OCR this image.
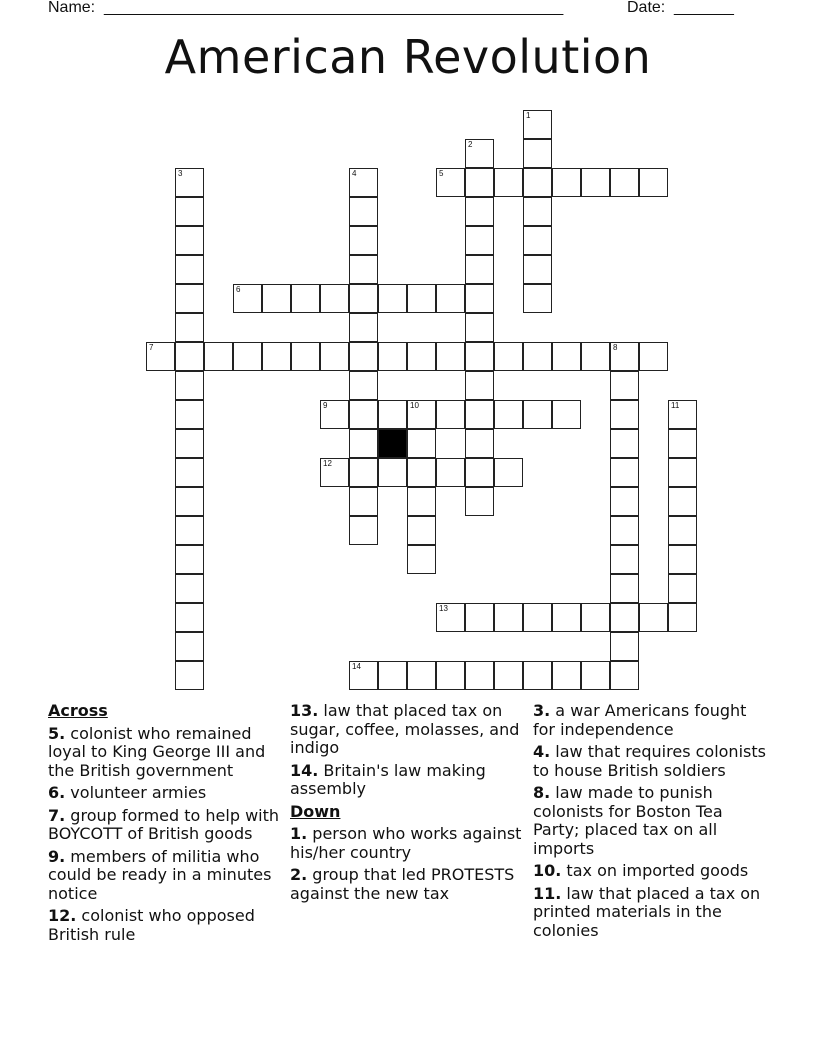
Name: ______________________________________________________	Date: _______
American Revolution
1
2
3	4	5
6
7	8
9	10	11
12
13
14
Across
5. colonist who remained loyal to King George III and the British government
6. volunteer armies
7. group formed to help with BOYCOTT of British goods
9. members of militia who could be ready in a minutes notice
12. colonist who opposed British rule
13. law that placed tax on sugar, coffee, molasses, and indigo
14. Britain's law making assembly
Down
1. person who works against his/her country
2. group that led PROTESTS against the new tax
3. a war Americans fought for independence
4. law that requires colonists to house British soldiers
8. law made to punish colonists for Boston Tea Party; placed tax on all imports
10. tax on imported goods
11. law that placed a tax on printed materials in the colonies
